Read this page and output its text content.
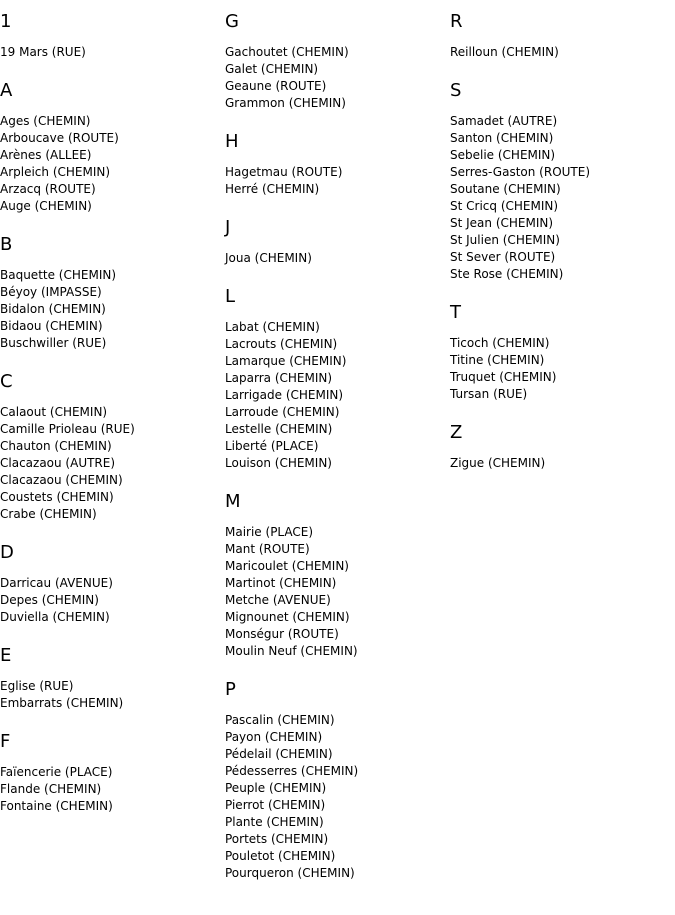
1
19 Mars (RUE)
A
Ages (CHEMIN)
Arboucave (ROUTE)
Arènes (ALLEE)
Arpleich (CHEMIN)
Arzacq (ROUTE)
Auge (CHEMIN)
B
Baquette (CHEMIN)
Béyoy (IMPASSE)
Bidalon (CHEMIN)
Bidaou (CHEMIN)
Buschwiller (RUE)
C
Calaout (CHEMIN)
Camille Prioleau (RUE)
Chauton (CHEMIN)
Clacazaou (AUTRE)
Clacazaou (CHEMIN)
Coustets (CHEMIN)
Crabe (CHEMIN)
D
Darricau (AVENUE)
Depes (CHEMIN)
Duviella (CHEMIN)
E
Eglise (RUE)
Embarrats (CHEMIN)
F
Faïencerie (PLACE)
Flande (CHEMIN)
Fontaine (CHEMIN)
G
Gachoutet (CHEMIN)
Galet (CHEMIN)
Geaune (ROUTE)
Grammon (CHEMIN)
H
Hagetmau (ROUTE)
Herré (CHEMIN)
J
Joua (CHEMIN)
L
Labat (CHEMIN)
Lacrouts (CHEMIN)
Lamarque (CHEMIN)
Laparra (CHEMIN)
Larrigade (CHEMIN)
Larroude (CHEMIN)
Lestelle (CHEMIN)
Liberté (PLACE)
Louison (CHEMIN)
M
Mairie (PLACE)
Mant (ROUTE)
Maricoulet (CHEMIN)
Martinot (CHEMIN)
Metche (AVENUE)
Mignounet (CHEMIN)
Monségur (ROUTE)
Moulin Neuf (CHEMIN)
P
Pascalin (CHEMIN)
Payon (CHEMIN)
Pédelail (CHEMIN)
Pédesserres (CHEMIN)
Peuple (CHEMIN)
Pierrot (CHEMIN)
Plante (CHEMIN)
Portets (CHEMIN)
Pouletot (CHEMIN)
Pourqueron (CHEMIN)
R
Reilloun (CHEMIN)
S
Samadet (AUTRE)
Santon (CHEMIN)
Sebelie (CHEMIN)
Serres-Gaston (ROUTE)
Soutane (CHEMIN)
St Cricq (CHEMIN)
St Jean (CHEMIN)
St Julien (CHEMIN)
St Sever (ROUTE)
Ste Rose (CHEMIN)
T
Ticoch (CHEMIN)
Titine (CHEMIN)
Truquet (CHEMIN)
Tursan (RUE)
Z
Zigue (CHEMIN)
